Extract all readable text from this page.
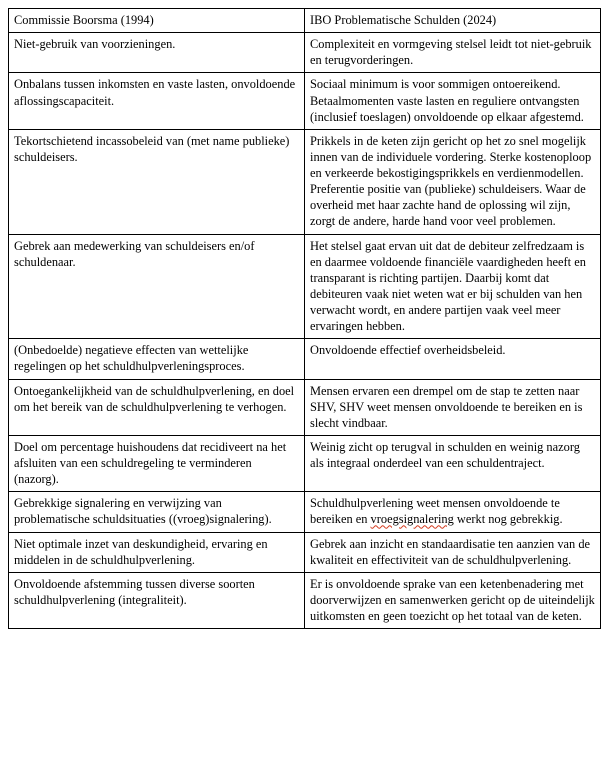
Commissie Boorsma (1994)	IBO Problematische Schulden (2024)
Niet-gebruik van voorzieningen.	Complexiteit en vormgeving stelsel leidt tot niet-gebruik en terugvorderingen.
Onbalans tussen inkomsten en vaste lasten, onvoldoende aflossingscapaciteit.	Sociaal minimum is voor sommigen ontoereikend. Betaalmomenten vaste lasten en reguliere ontvangsten (inclusief toeslagen) onvoldoende op elkaar afgestemd.
Tekortschietend incassobeleid van (met name publieke) schuldeisers.	Prikkels in de keten zijn gericht op het zo snel mogelijk innen van de individuele vordering. Sterke kostenoploop en verkeerde bekostigingsprikkels en verdienmodellen. Preferentie positie van (publieke) schuldeisers. Waar de overheid met haar zachte hand de oplossing wil zijn, zorgt de andere, harde hand voor veel problemen.
Gebrek aan medewerking van schuldeisers en/of schuldenaar.	Het stelsel gaat ervan uit dat de debiteur zelfredzaam is en daarmee voldoende financiële vaardigheden heeft en transparant is richting partijen. Daarbij komt dat debiteuren vaak niet weten wat er bij schulden van hen verwacht wordt, en andere partijen vaak veel meer ervaringen hebben.
(Onbedoelde) negatieve effecten van wettelijke regelingen op het schuldhulpverleningsproces.	Onvoldoende effectief overheidsbeleid.
Ontoegankelijkheid van de schuldhulpverlening, en doel om het bereik van de schuldhulpverlening te verhogen.	Mensen ervaren een drempel om de stap te zetten naar SHV, SHV weet mensen onvoldoende te bereiken en is slecht vindbaar.
Doel om percentage huishoudens dat recidiveert na het afsluiten van een schuldregeling te verminderen (nazorg).	Weinig zicht op terugval in schulden en weinig nazorg als integraal onderdeel van een schuldentraject.
Gebrekkige signalering en verwijzing van problematische schuldsituaties ((vroeg)signalering).	Schuldhulpverlening weet mensen onvoldoende te bereiken en vroegsignalering werkt nog gebrekkig.
Niet optimale inzet van deskundigheid, ervaring en middelen in de schuldhulpverlening.	Gebrek aan inzicht en standaardisatie ten aanzien van de kwaliteit en effectiviteit van de schuldhulpverlening.
Onvoldoende afstemming tussen diverse soorten schuldhulpverlening (integraliteit).	Er is onvoldoende sprake van een ketenbenadering met doorverwijzen en samenwerken gericht op de uiteindelijk uitkomsten en geen toezicht op het totaal van de keten.
